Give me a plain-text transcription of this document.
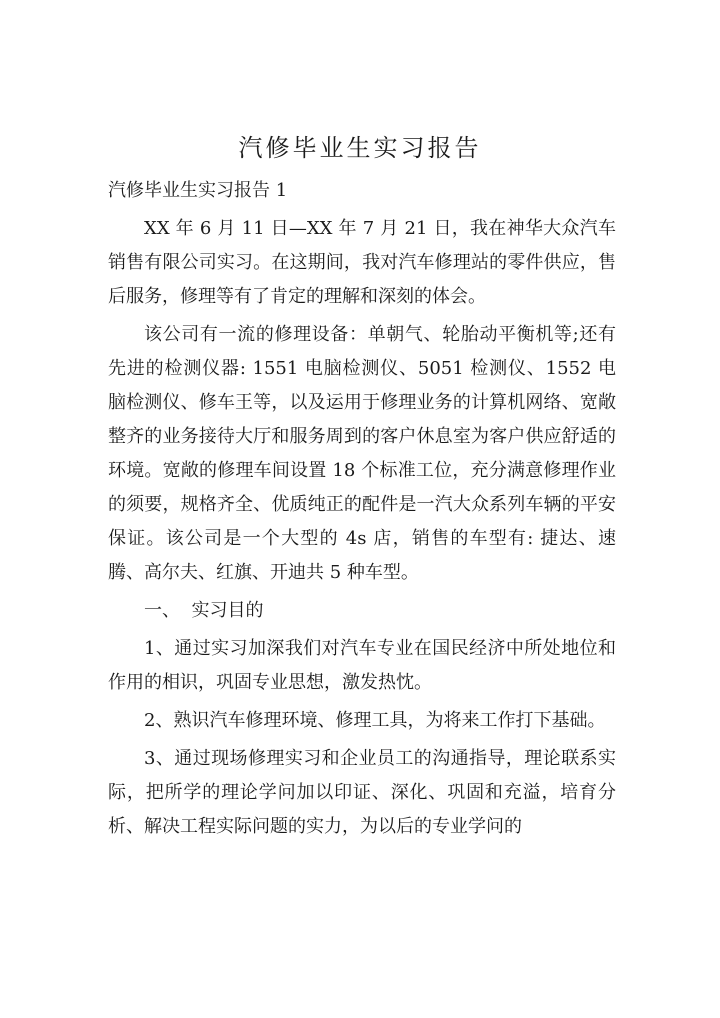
汽修毕业生实习报告

汽修毕业生实习报告 1

XX 年 6 月 11 日—XX 年 7 月 21 日，我在神华大众汽车销售有限公司实习。在这期间，我对汽车修理站的零件供应，售后服务，修理等有了肯定的理解和深刻的体会。

该公司有一流的修理设备：单朝气、轮胎动平衡机等;还有先进的检测仪器: 1551 电脑检测仪、5051 检测仪、1552 电脑检测仪、修车王等，以及运用于修理业务的计算机网络、宽敞整齐的业务接待大厅和服务周到的客户休息室为客户供应舒适的环境。宽敞的修理车间设置 18 个标准工位，充分满意修理作业的须要，规格齐全、优质纯正的配件是一汽大众系列车辆的平安保证。该公司是一个大型的 4s 店，销售的车型有: 捷达、速腾、高尔夫、红旗、开迪共 5 种车型。

一、  实习目的

1、通过实习加深我们对汽车专业在国民经济中所处地位和作用的相识，巩固专业思想，激发热忱。

2、熟识汽车修理环境、修理工具，为将来工作打下基础。

3、通过现场修理实习和企业员工的沟通指导，理论联系实际，把所学的理论学问加以印证、深化、巩固和充溢，培育分析、解决工程实际问题的实力，为以后的专业学问的
